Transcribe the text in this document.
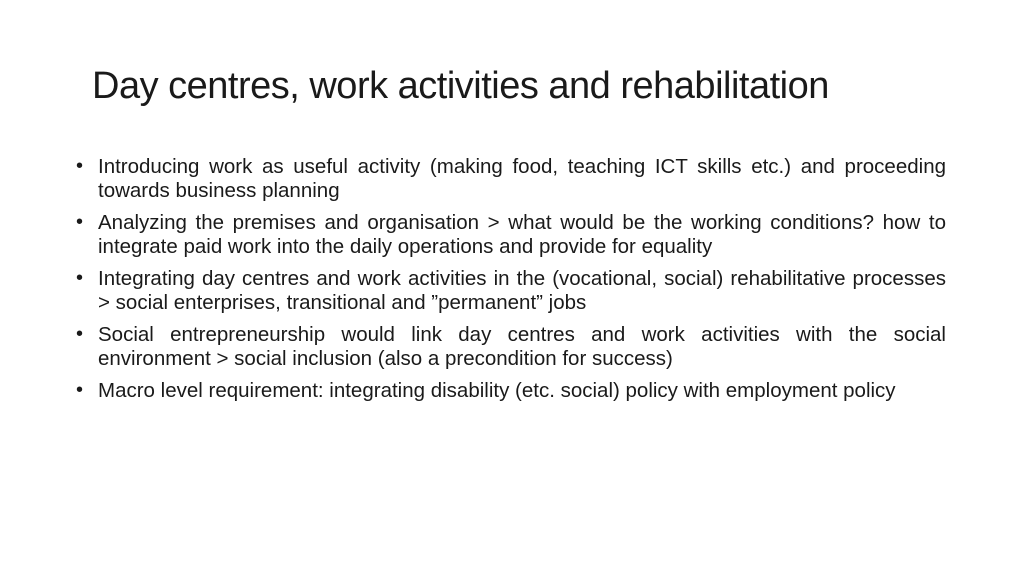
Day centres, work activities and rehabilitation
• Introducing work as useful activity (making food, teaching ICT skills etc.) and proceeding towards business planning
• Analyzing the premises and organisation > what would be the working conditions? how to integrate paid work into the daily operations and provide for equality
• Integrating day centres and work activities in the (vocational, social) rehabilitative processes > social enterprises, transitional and ”permanent” jobs
• Social entrepreneurship would link day centres and work activities with the social environment > social inclusion (also a precondition for success)
• Macro level requirement: integrating disability (etc. social) policy with employment policy
